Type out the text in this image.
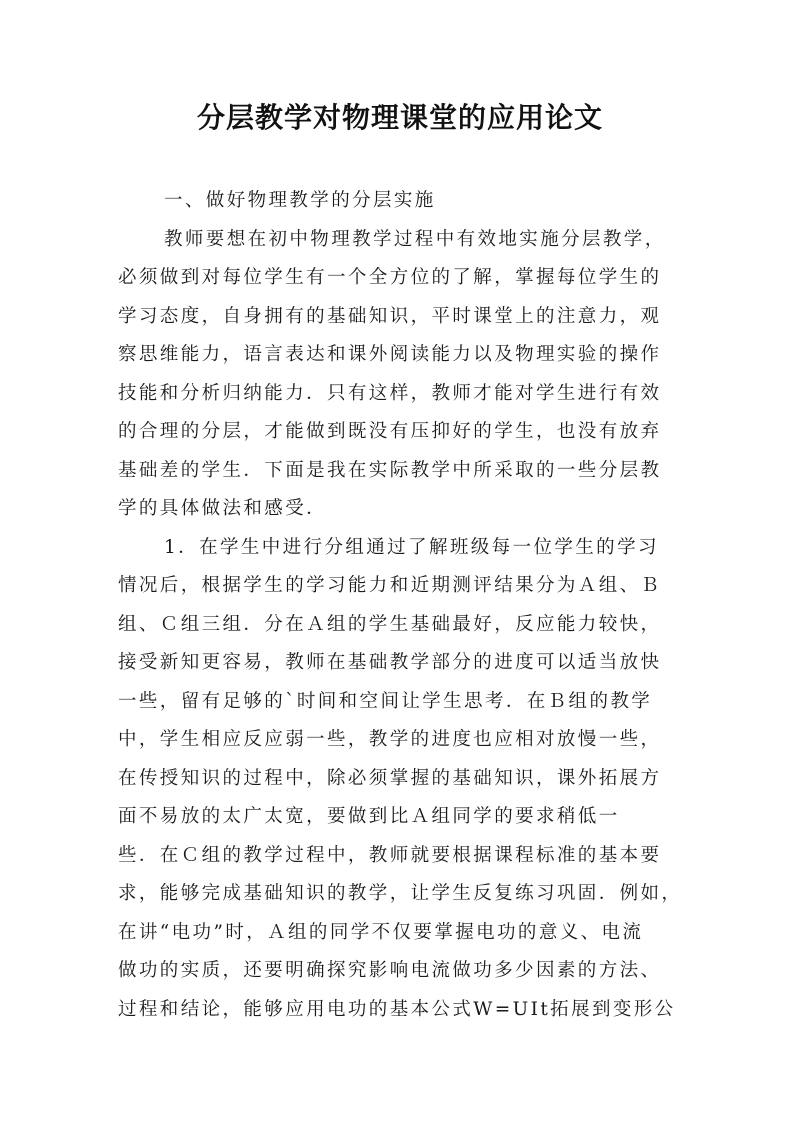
分层教学对物理课堂的应用论文

一、做好物理教学的分层实施

教师要想在初中物理教学过程中有效地实施分层教学，

必须做到对每位学生有一个全方位的了解，掌握每位学生的

学习态度，自身拥有的基础知识，平时课堂上的注意力，观

察思维能力，语言表达和课外阅读能力以及物理实验的操作

技能和分析归纳能力．只有这样，教师才能对学生进行有效

的合理的分层，才能做到既没有压抑好的学生，也没有放弃

基础差的学生．下面是我在实际教学中所采取的一些分层教

学的具体做法和感受．

1．在学生中进行分组通过了解班级每一位学生的学习

情况后，根据学生的学习能力和近期测评结果分为Ａ组、Ｂ

组、Ｃ组三组．分在Ａ组的学生基础最好，反应能力较快，

接受新知更容易，教师在基础教学部分的进度可以适当放快

一些，留有足够的`时间和空间让学生思考．在Ｂ组的教学

中，学生相应反应弱一些，教学的进度也应相对放慢一些，

在传授知识的过程中，除必须掌握的基础知识，课外拓展方

面不易放的太广太宽，要做到比Ａ组同学的要求稍低一

些．在Ｃ组的教学过程中，教师就要根据课程标准的基本要

求，能够完成基础知识的教学，让学生反复练习巩固．例如，

在讲“电功”时，Ａ组的同学不仅要掌握电功的意义、电流

做功的实质，还要明确探究影响电流做功多少因素的方法、

过程和结论，能够应用电功的基本公式W=UIt拓展到变形公
